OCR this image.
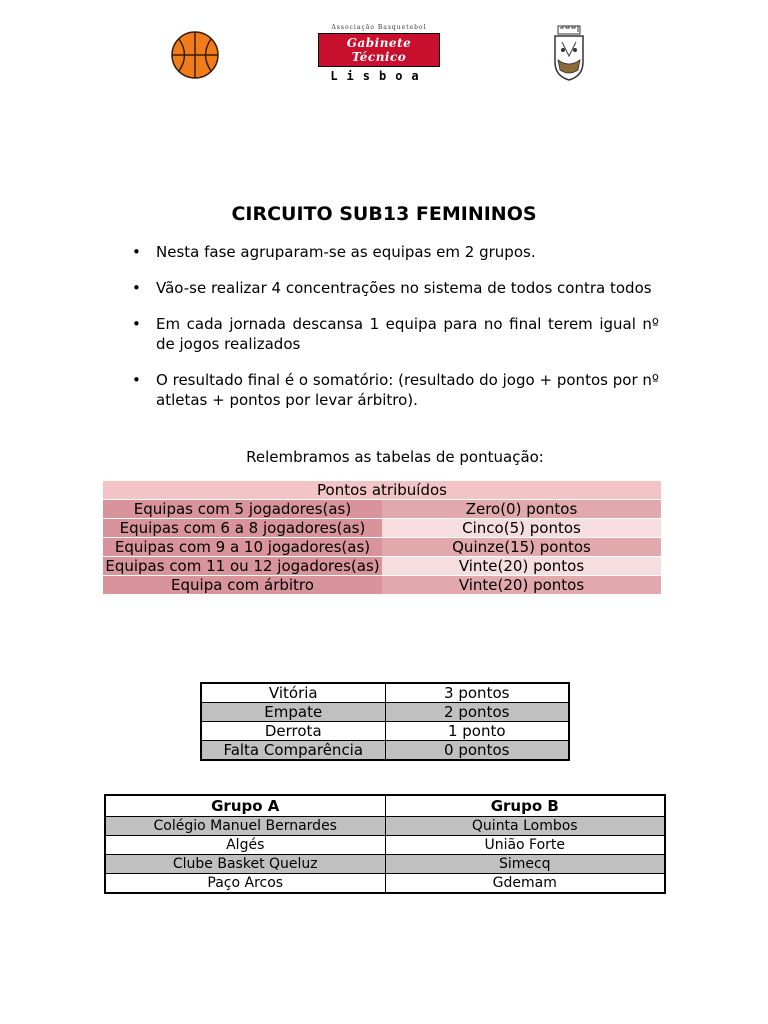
Associação Basquetebol
Gabinete Técnico
Lisboa
CIRCUITO SUB13 FEMININOS
• Nesta fase agruparam-se as equipas em 2 grupos.
• Vão-se realizar 4 concentrações no sistema de todos contra todos
• Em cada jornada descansa 1 equipa para no final terem igual nº de jogos realizados
• O resultado final é o somatório: (resultado do jogo + pontos por nº atletas + pontos por levar árbitro).
Relembramos as tabelas de pontuação:
Pontos atribuídos	
Equipas com 5 jogadores(as)	Zero(0) pontos
Equipas com 6 a 8 jogadores(as)	Cinco(5) pontos
Equipas com 9 a 10 jogadores(as)	Quinze(15) pontos
Equipas com 11 ou 12 jogadores(as)	Vinte(20) pontos
Equipa com árbitro	Vinte(20) pontos
Vitória	3 pontos
Empate	2 pontos
Derrota	1 ponto
Falta Comparência	0 pontos
Grupo A	Grupo B
Colégio Manuel Bernardes	Quinta Lombos
Algés	União Forte
Clube Basket Queluz	Simecq
Paço Arcos	Gdemam
